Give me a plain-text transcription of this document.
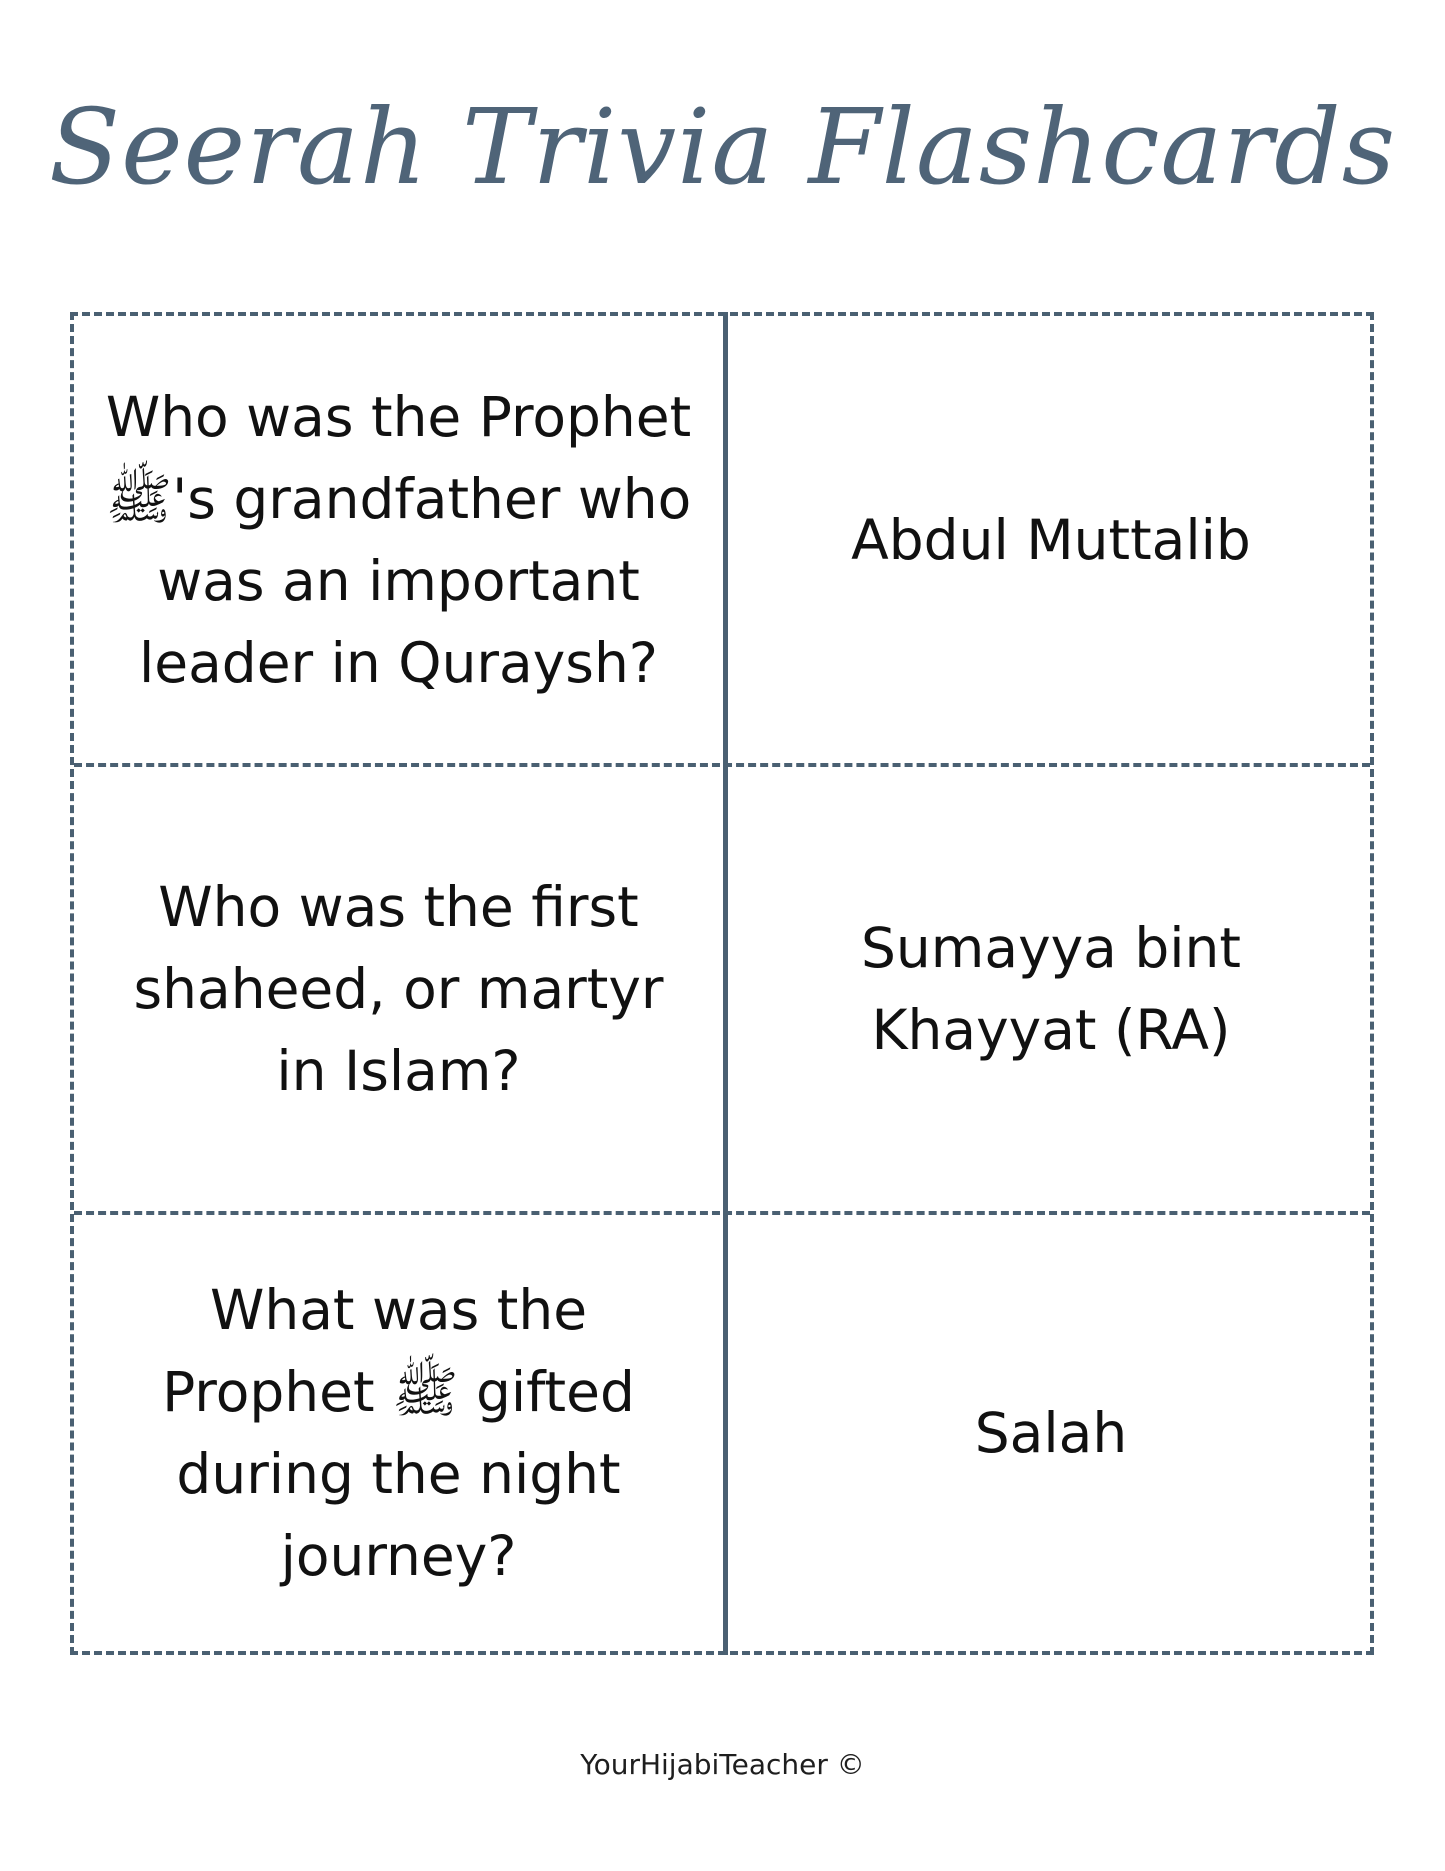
Seerah Trivia Flashcards
Who was the Prophet ﷺ's grandfather who was an important leader in Quraysh?
Abdul Muttalib
Who was the first shaheed, or martyr in Islam?
Sumayya bint Khayyat (RA)
What was the Prophet ﷺ gifted during the night journey?
Salah
YourHijabiTeacher ©
